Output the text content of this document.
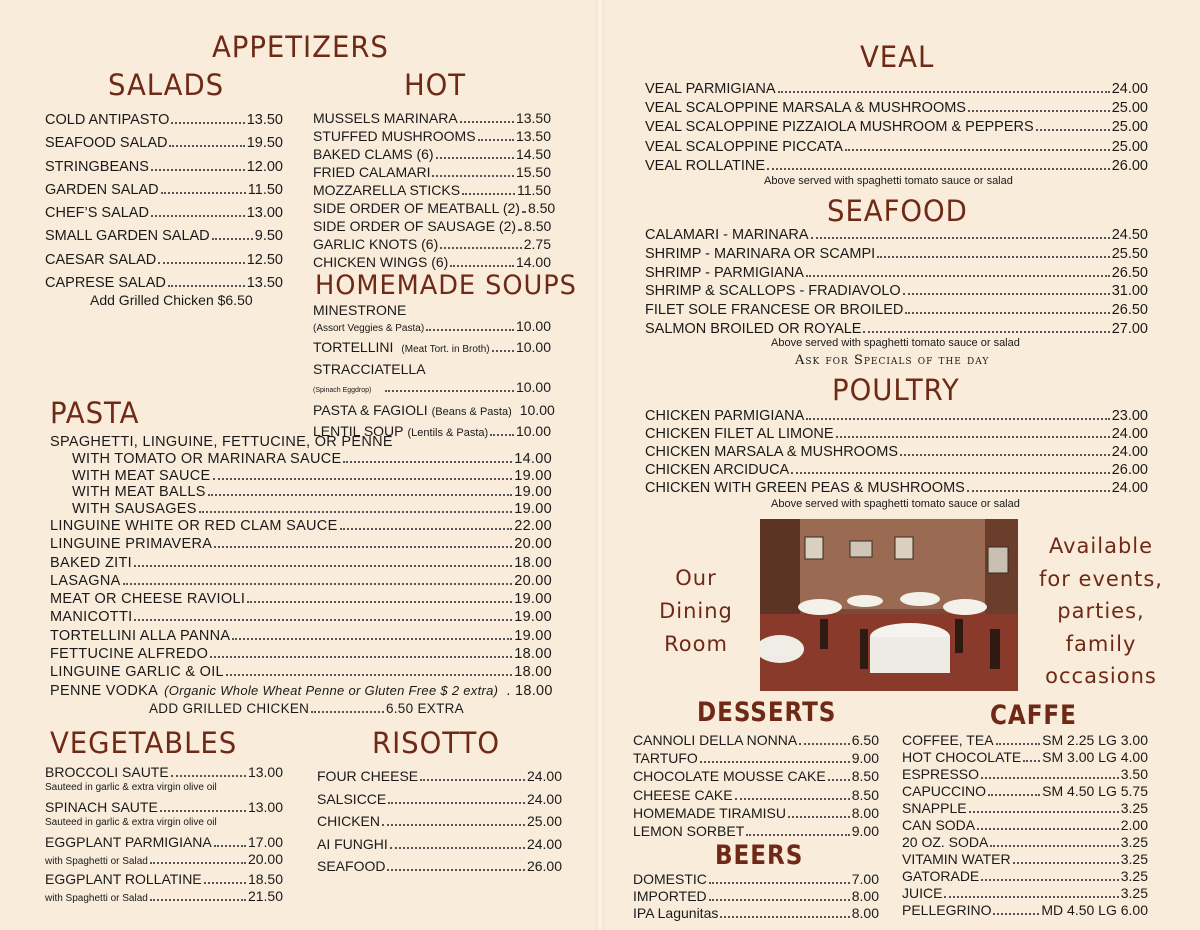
APPETIZERS
SALADS	HOT
COLD ANTIPASTO	13.50
SEAFOOD SALAD	19.50
STRINGBEANS	12.00
GARDEN SALAD	11.50
CHEF’S SALAD	13.00
SMALL GARDEN SALAD	9.50
CAESAR SALAD	12.50
CAPRESE SALAD	13.50
Add Grilled Chicken $6.50
MUSSELS MARINARA	13.50
STUFFED MUSHROOMS	13.50
BAKED CLAMS (6)	14.50
FRIED CALAMARI	15.50
MOZZARELLA STICKS	11.50
SIDE ORDER OF MEATBALL (2) 8.50
SIDE ORDER OF SAUSAGE (2) 8.50
GARLIC KNOTS (6)	2.75
CHICKEN WINGS (6)	14.00
HOMEMADE SOUPS
MINESTRONE
(Assort Veggies & Pasta)	10.00
TORTELLINI (Meat Tort. in Broth) 10.00
STRACCIATELLA
(Spinach Eggdrop)	10.00
PASTA & FAGIOLI (Beans & Pasta) 10.00
LENTIL SOUP (Lentils & Pasta) 10.00
PASTA
SPAGHETTI, LINGUINE, FETTUCINE, OR PENNE
WITH TOMATO OR MARINARA SAUCE	14.00
WITH MEAT SAUCE	19.00
WITH MEAT BALLS	19.00
WITH SAUSAGES	19.00
LINGUINE WHITE OR RED CLAM SAUCE	22.00
LINGUINE PRIMAVERA	20.00
BAKED ZITI	18.00
LASAGNA	20.00
MEAT OR CHEESE RAVIOLI	19.00
MANICOTTI	19.00
TORTELLINI ALLA PANNA	19.00
FETTUCINE ALFREDO	18.00
LINGUINE GARLIC & OIL	18.00
PENNE VODKA (Organic Whole Wheat Penne or Gluten Free $ 2 extra) . 18.00
ADD GRILLED CHICKEN	6.50 EXTRA
VEGETABLES
BROCCOLI SAUTE	13.00
Sauteed in garlic & extra virgin olive oil
SPINACH SAUTE	13.00
Sauteed in garlic & extra virgin olive oil
EGGPLANT PARMIGIANA	17.00
with Spaghetti or Salad	20.00
EGGPLANT ROLLATINE	18.50
with Spaghetti or Salad	21.50
RISOTTO
FOUR CHEESE	24.00
SALSICCE	24.00
CHICKEN	25.00
AI FUNGHI	24.00
SEAFOOD	26.00
VEAL
VEAL PARMIGIANA	24.00
VEAL SCALOPPINE MARSALA & MUSHROOMS	25.00
VEAL SCALOPPINE PIZZAIOLA MUSHROOM & PEPPERS	25.00
VEAL SCALOPPINE PICCATA	25.00
VEAL ROLLATINE	26.00
Above served with spaghetti tomato sauce or salad
SEAFOOD
CALAMARI - MARINARA	24.50
SHRIMP - MARINARA OR SCAMPI	25.50
SHRIMP - PARMIGIANA	26.50
SHRIMP & SCALLOPS - FRADIAVOLO	31.00
FILET SOLE FRANCESE OR BROILED	26.50
SALMON BROILED OR ROYALE	27.00
Above served with spaghetti tomato sauce or salad
Ask for Specials of the day
POULTRY
CHICKEN PARMIGIANA	23.00
CHICKEN FILET AL LIMONE	24.00
CHICKEN MARSALA & MUSHROOMS	24.00
CHICKEN ARCIDUCA	26.00
CHICKEN WITH GREEN PEAS & MUSHROOMS	24.00
Above served with spaghetti tomato sauce or salad
Our
Dining
Room
Available
for events,
parties,
family
occasions
DESSERTS
CANNOLI DELLA NONNA	6.50
TARTUFO	9.00
CHOCOLATE MOUSSE CAKE 8.50
CHEESE CAKE	8.50
HOMEMADE TIRAMISU	8.00
LEMON SORBET	9.00
BEERS
DOMESTIC	7.00
IMPORTED	8.00
IPA Lagunitas	8.00
CAFFE
COFFEE, TEA	SM 2.25 LG 3.00
HOT CHOCOLATE SM 3.00 LG 4.00
ESPRESSO	3.50
CAPUCCINO	SM 4.50 LG 5.75
SNAPPLE	3.25
CAN SODA	2.00
20 OZ. SODA	3.25
VITAMIN WATER	3.25
GATORADE	3.25
JUICE	3.25
PELLEGRINO	MD 4.50 LG 6.00
